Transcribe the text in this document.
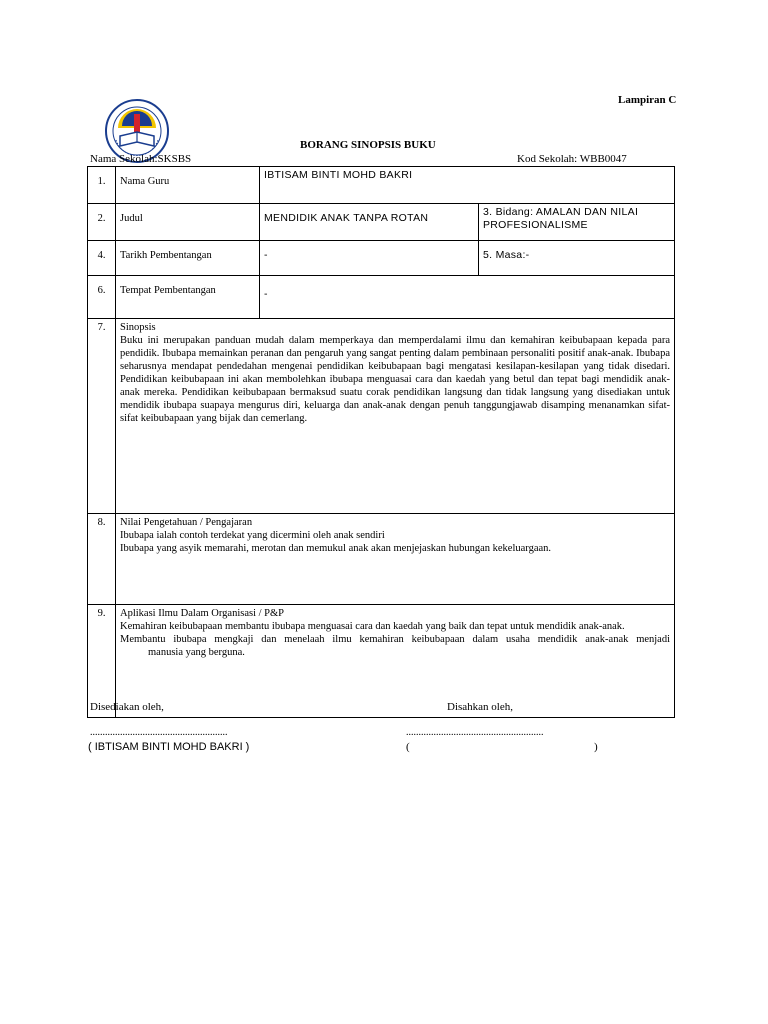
Lampiran C
BORANG SINOPSIS BUKU
Nama Sekolah:SKSBS	Kod Sekolah: WBB0047
1.	Nama Guru	IBTISAM BINTI MOHD BAKRI	
2.	Judul	MENDIDIK ANAK TANPA ROTAN	3. Bidang: AMALAN DAN NILAI PROFESIONALISME
4.	Tarikh Pembentangan	-	5. Masa:-
6.	Tempat Pembentangan	-	
7.	Sinopsis

Buku ini merupakan panduan mudah dalam memperkaya dan memperdalami ilmu dan kemahiran keibubapaan kepada para pendidik. Ibubapa memainkan peranan dan pengaruh yang sangat penting dalam pembinaan personaliti positif anak-anak. Ibubapa seharusnya mendapat pendedahan mengenai pendidikan keibubapaan bagi mengatasi kesilapan-kesilapan yang tidak disedari. Pendidikan keibubapaan ini akan membolehkan ibubapa menguasai cara dan kaedah yang betul dan tepat bagi mendidik anak-anak mereka. Pendidikan keibubapaan bermaksud suatu corak pendidikan langsung dan tidak langsung yang disediakan untuk mendidik ibubapa suapaya mengurus diri, keluarga dan anak-anak dengan penuh tanggungjawab disamping menanamkan sifat-sifat keibubapaan yang bijak dan cemerlang.		

8.	Nilai Pengetahuan / Pengajaran
Ibubapa ialah contoh terdekat yang dicermini oleh anak sendiri
Ibubapa yang asyik memarahi, merotan dan memukul anak akan menjejaskan hubungan kekeluargaan.		

9.	Aplikasi Ilmu Dalam Organisasi / P&P
Kemahiran keibubapaan membantu ibubapa menguasai cara dan kaedah yang baik dan tepat untuk mendidik anak-anak.
Membantu ibubapa mengkaji dan menelaah ilmu kemahiran keibubapaan dalam usaha mendidik anak-anak menjadi
manusia yang berguna.		
Disediakan oleh,	Disahkan oleh,
.......................................................	.......................................................
( IBTISAM BINTI MOHD BAKRI )	(	)
